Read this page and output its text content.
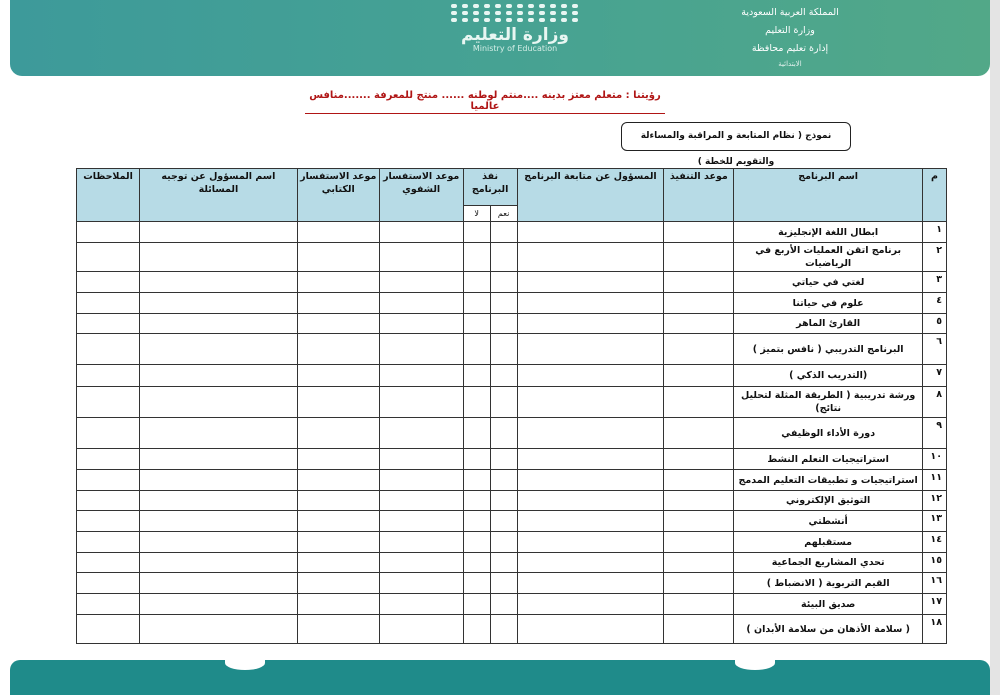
المملكة العربية السعودية
وزارة التعليم
إدارة تعليم محافظة
الابتدائية
وزارة التعليم
Ministry of Education
رؤيتنا : متعلم معتز بدينه ....منتم لوطنه ...... منتج للمعرفة .......منافس عالميا
نموذج ( نظام المتابعة و المراقبة والمساءلة والتقويم للخطة )
م	اسم البرنامج	موعد التنفيذ	المسؤول عن متابعة البرنامج	نفذ البرنامج		موعد الاستفسار الشفوي	موعد الاستفسار الكتابي	اسم المسؤول عن توجيه المسائلة	الملاحظات
				نعم	لا				
١	ابطال اللغة الإنجليزية								
٢	برنامج اتقن العمليات الأربع في الرياضيات								
٣	لغتي في حياتي								
٤	علوم في حياتنا								
٥	القارئ الماهر								
٦	البرنامج التدريبي ( نافس بتميز )								
٧	(التدريب الذكي )								
٨	ورشة تدريبية ( الطريقة المثلة لتحليل نتائج)								
٩	دورة الأداء الوظيفي								
١٠	استراتيجيات التعلم النشط								
١١	استراتيجيات و تطبيقات التعليم المدمج								
١٢	التوثيق الإلكتروني								
١٣	أنشطتي								
١٤	مستقبلهم								
١٥	تحدي المشاريع الجماعية								
١٦	القيم التربوية ( الانضباط )								
١٧	صديق البيئة								
١٨	( سلامة الأذهان من سلامة الأبدان )								
